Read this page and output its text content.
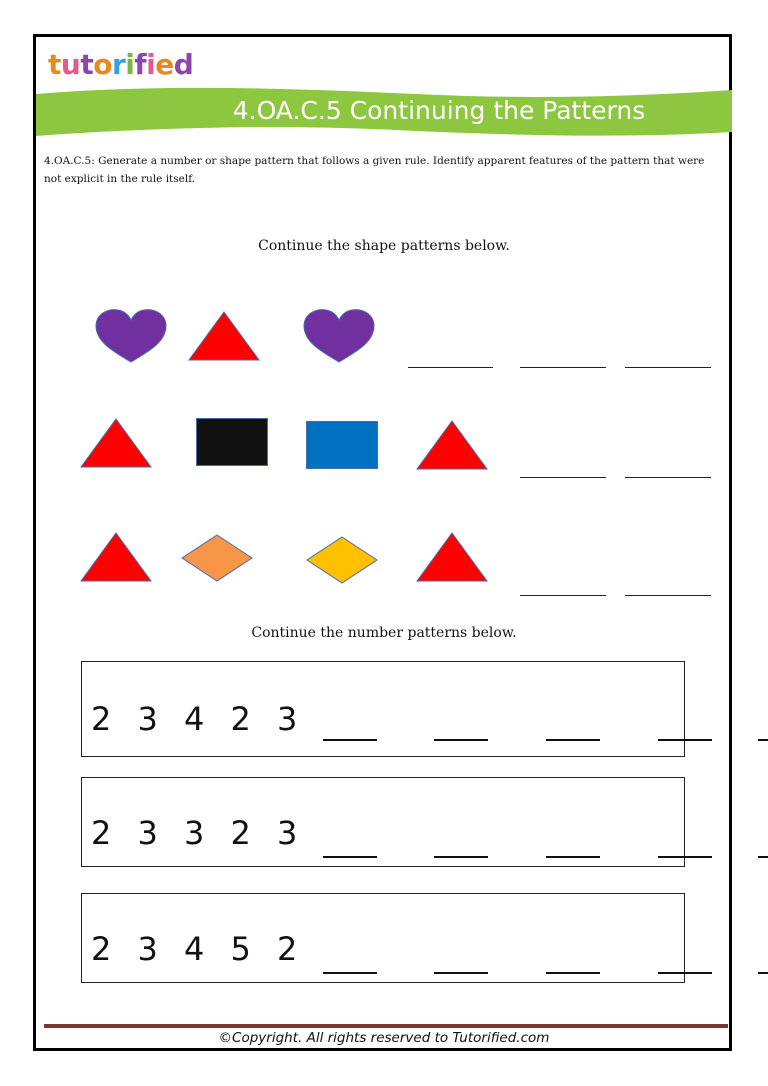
tutorified
4.OA.C.5 Continuing the Patterns
4.OA.C.5: Generate a number or shape pattern that follows a given rule. Identify apparent features of the pattern that were not explicit in the rule itself.
Continue the shape patterns below.
Continue the number patterns below.
2 3 4 2 3
2 3 3 2 3
2 3 4 5 2
©Copyright. All rights reserved to Tutorified.com
